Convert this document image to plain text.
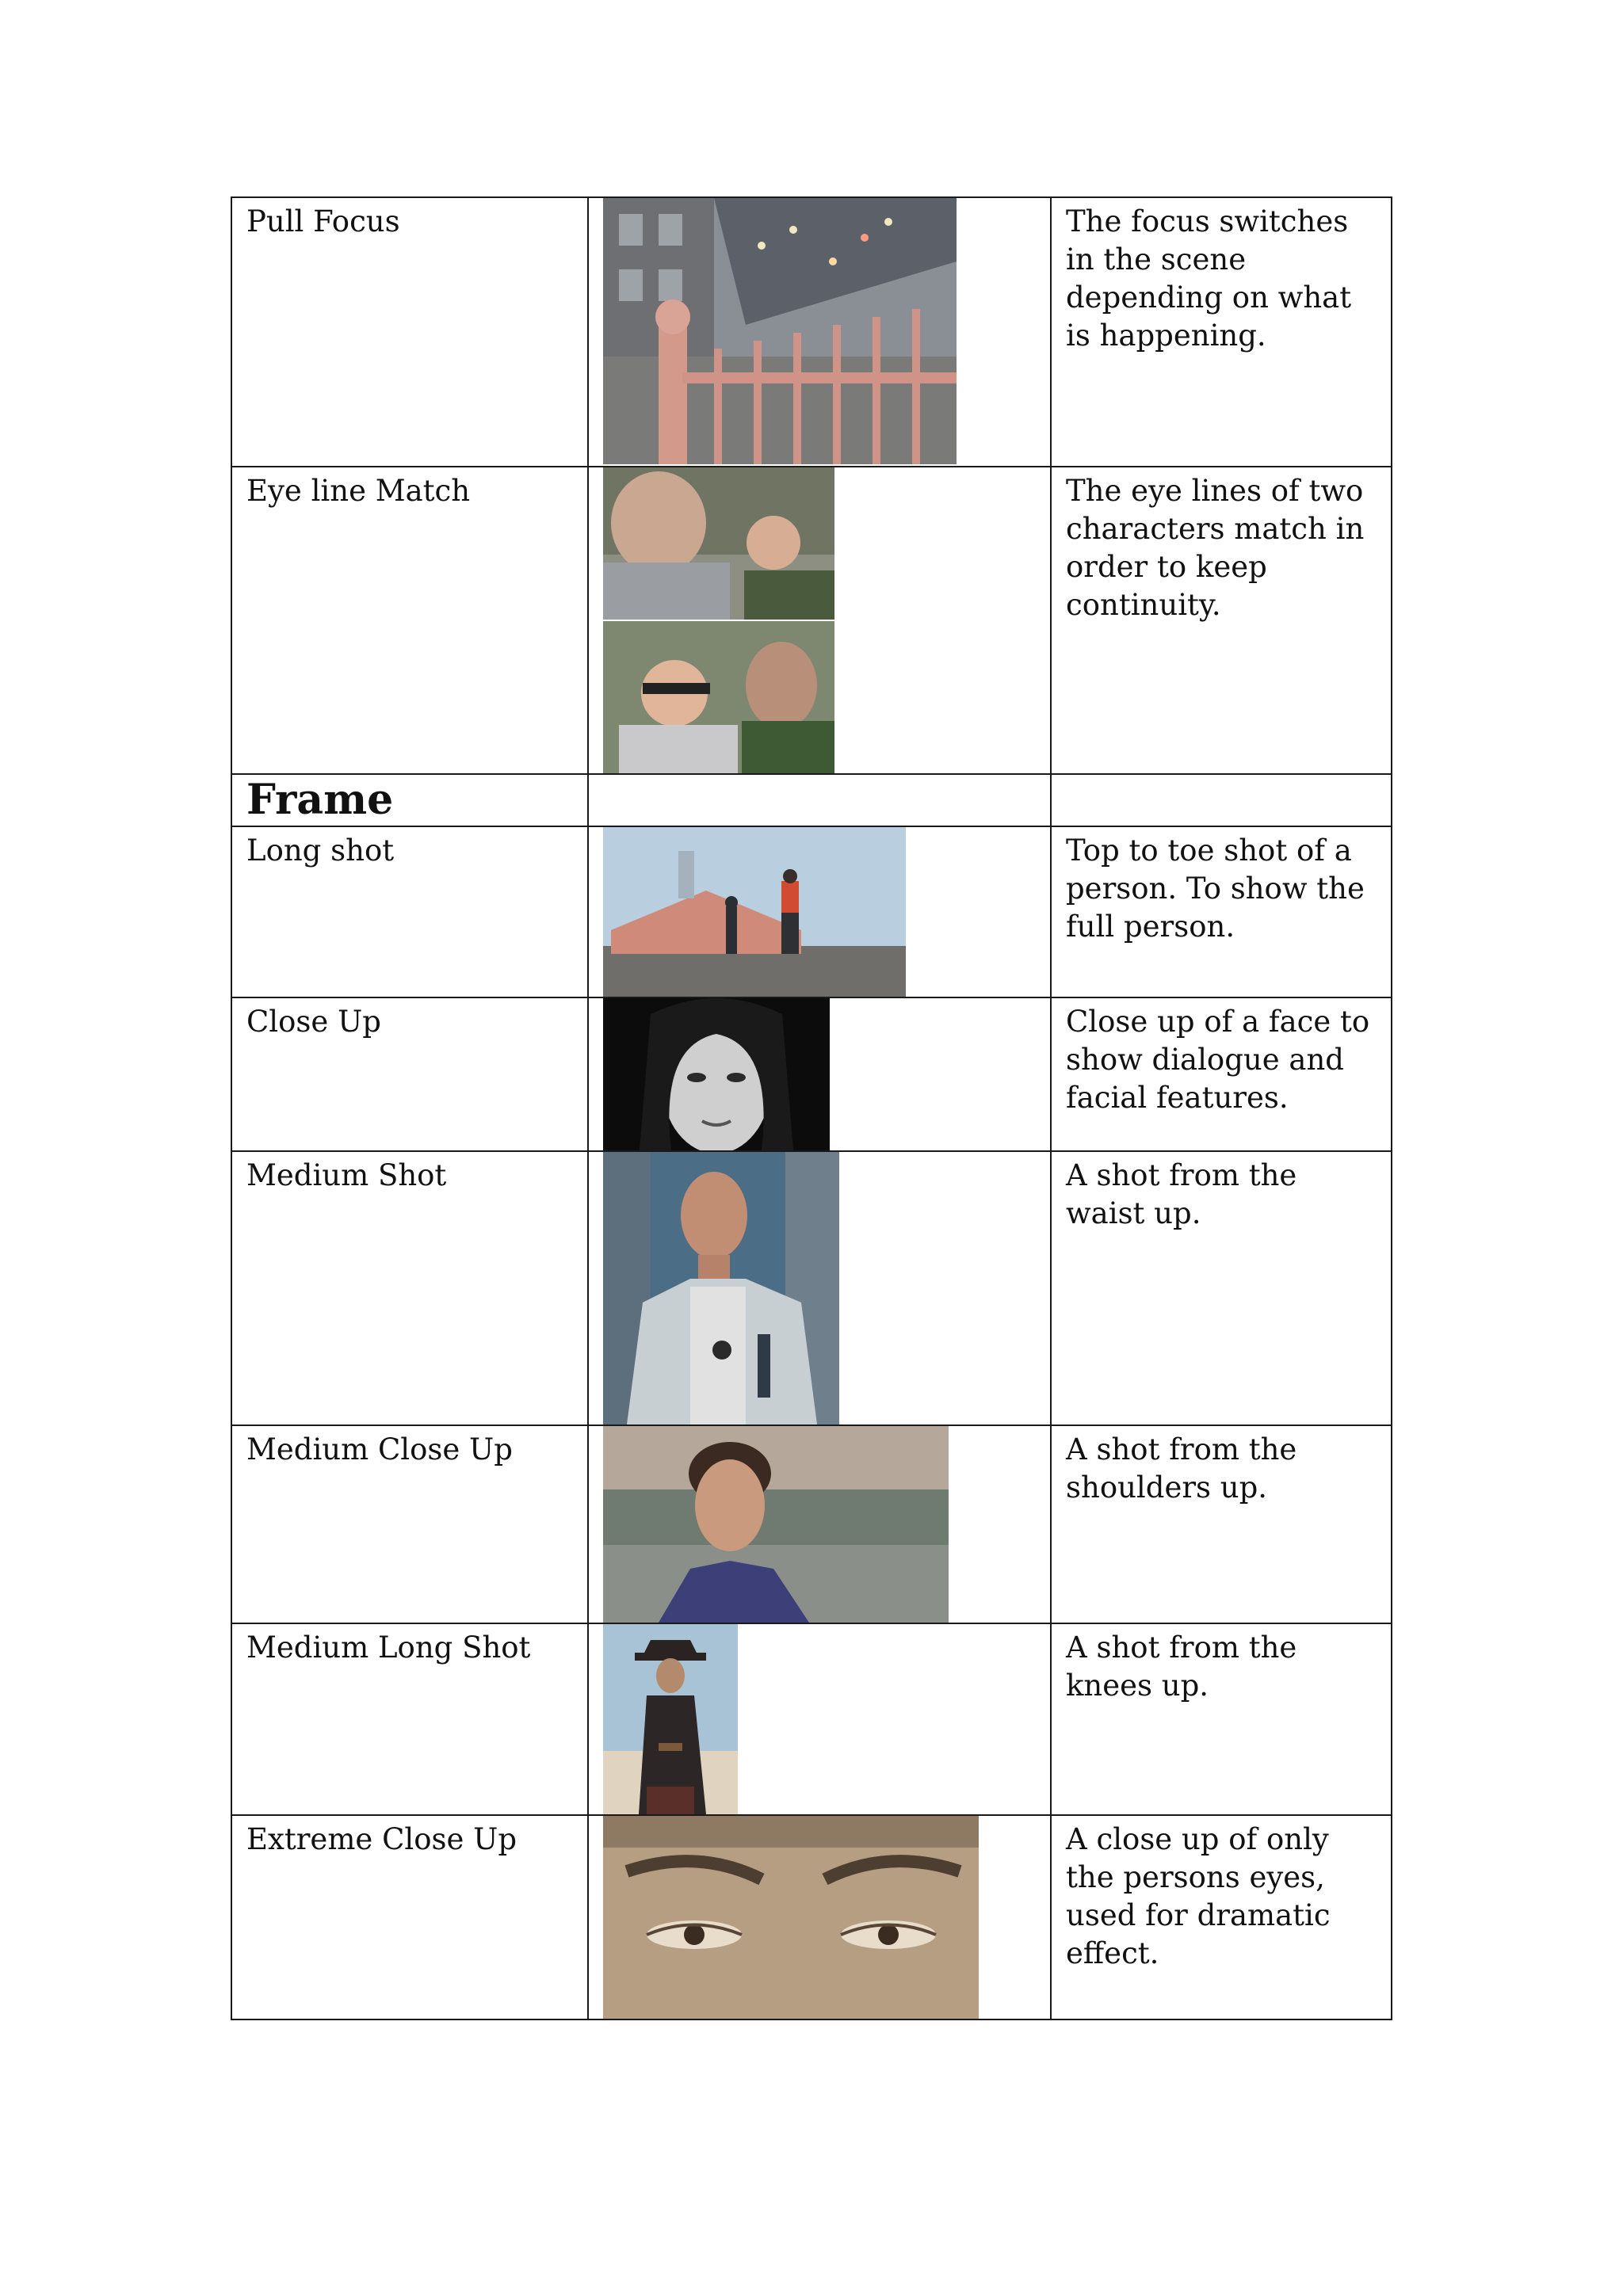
Pull Focus		The focus switches in the scene depending on what is happening.

Eye line Match		The eye lines of two characters match in order to keep continuity.

Frame		

Long shot		Top to toe shot of a person. To show the full person.

Close Up		Close up of a face to show dialogue and facial features.

Medium Shot		A shot from the waist up.

Medium Close Up		A shot from the shoulders up.

Medium Long Shot		A shot from the knees up.

Extreme Close Up		A close up of only the persons eyes, used for dramatic effect.
